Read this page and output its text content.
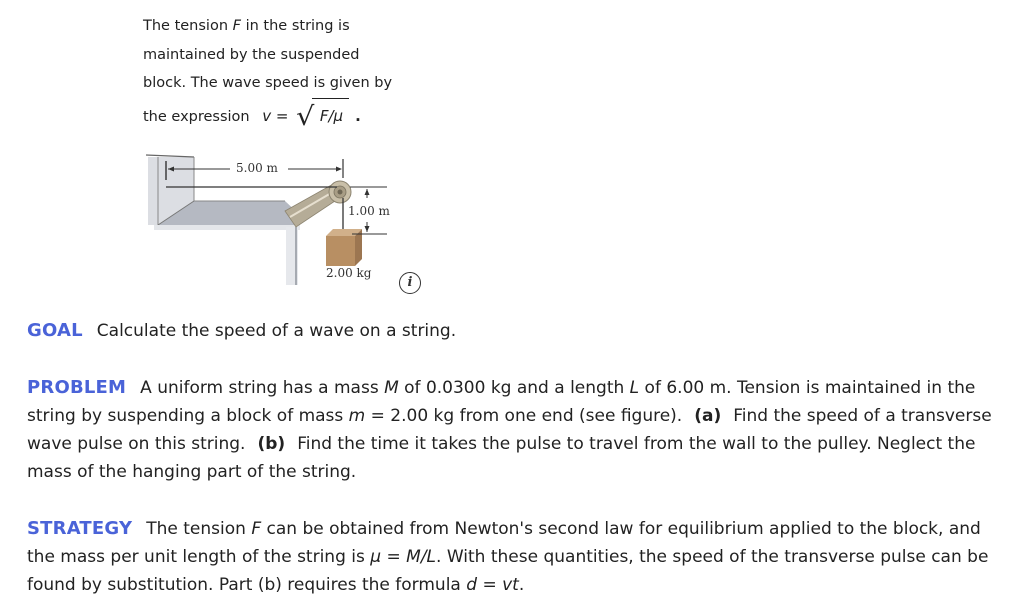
The tension F in the string is
maintained by the suspended
block. The wave speed is given by
the expression v = √ F/μ .
5.00 m
1.00 m
2.00 kg
i
GOAL Calculate the speed of a wave on a string.
PROBLEM A uniform string has a mass M of 0.0300 kg and a length L of 6.00 m. Tension is maintained in the string by suspending a block of mass m = 2.00 kg from one end (see figure). (a) Find the speed of a transverse wave pulse on this string. (b) Find the time it takes the pulse to travel from the wall to the pulley. Neglect the mass of the hanging part of the string.
STRATEGY The tension F can be obtained from Newton's second law for equilibrium applied to the block, and the mass per unit length of the string is μ = M/L. With these quantities, the speed of the transverse pulse can be found by substitution. Part (b) requires the formula d = vt.
